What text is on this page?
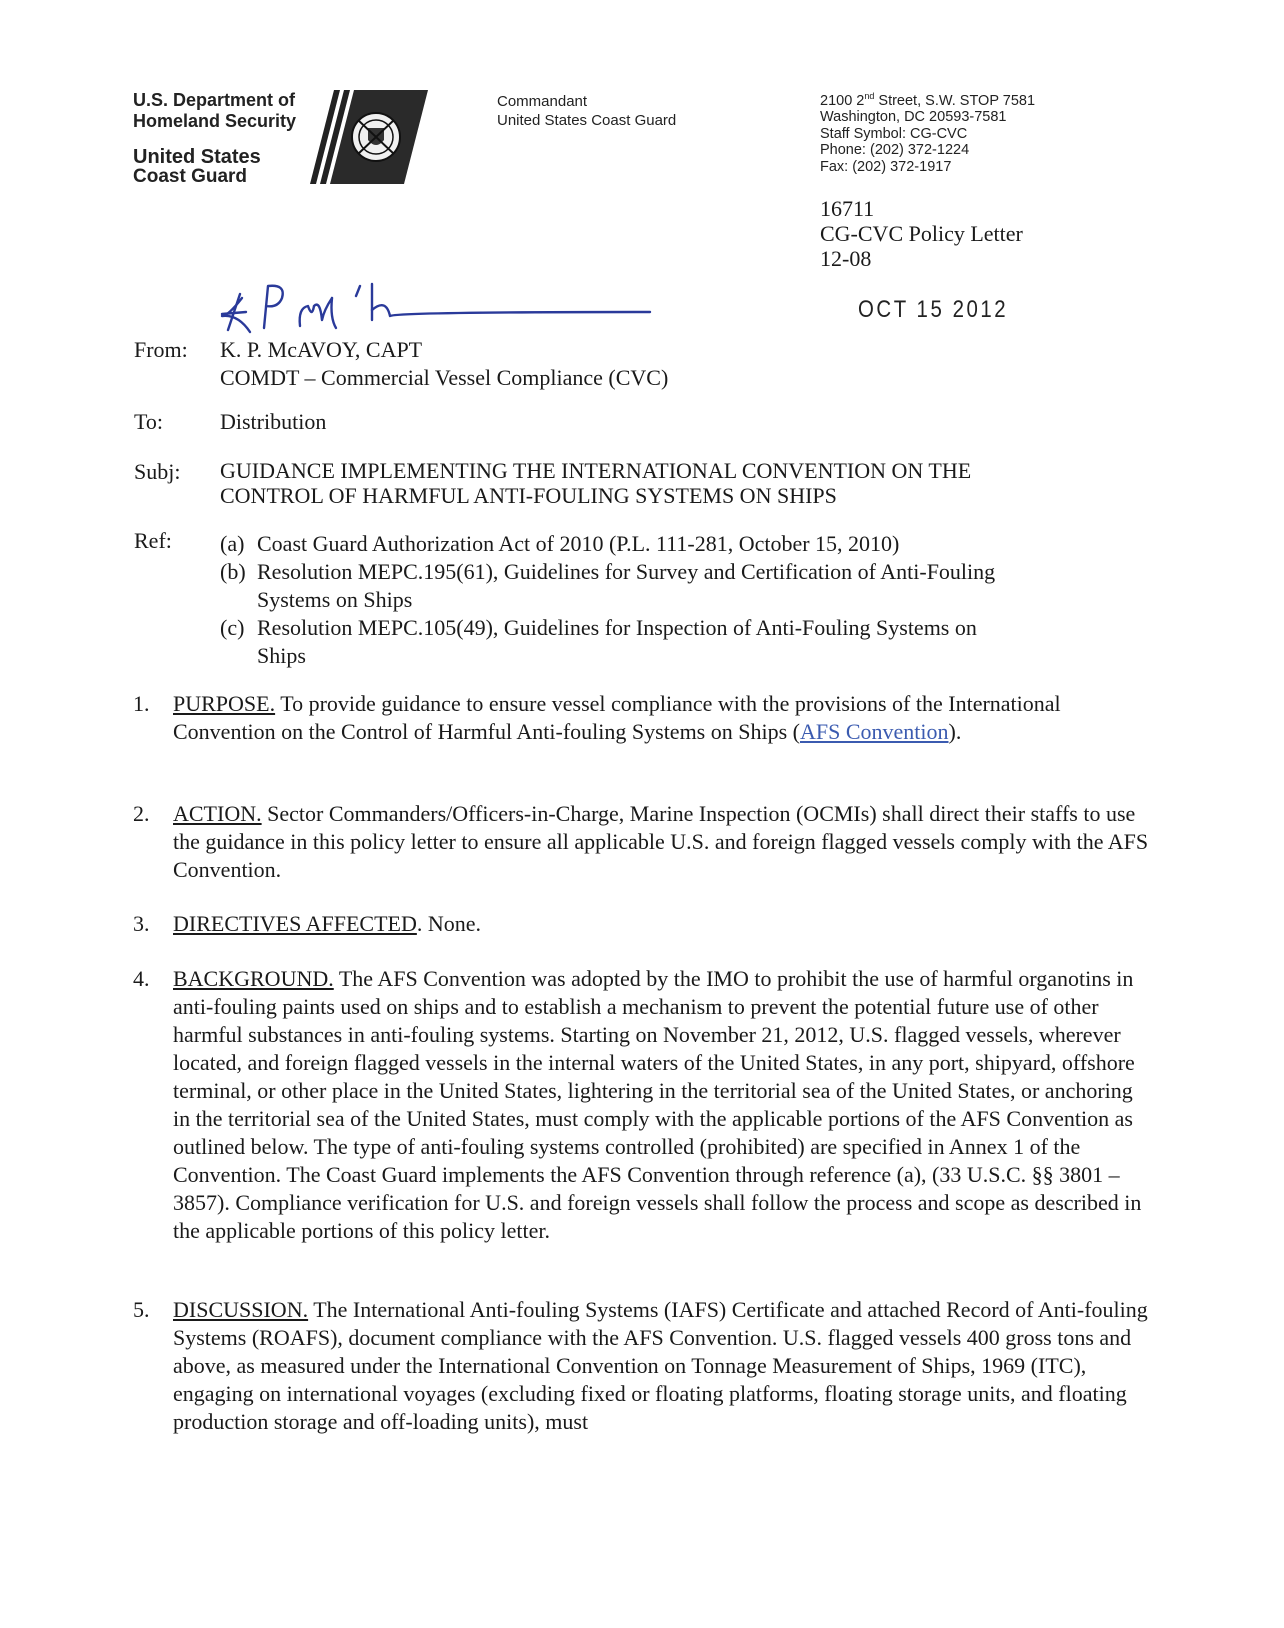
U.S. Department of
Homeland Security
United States
Coast Guard
Commandant
United States Coast Guard
2100 2nd Street, S.W. STOP 7581
Washington, DC 20593-7581
Staff Symbol: CG-CVC
Phone: (202) 372-1224
Fax: (202) 372-1917
16711
CG-CVC Policy Letter
12-08
OCT 15 2012
From: K. P. McAVOY, CAPT
COMDT – Commercial Vessel Compliance (CVC)
To:	Distribution
Subj: GUIDANCE IMPLEMENTING THE INTERNATIONAL CONVENTION ON THE
CONTROL OF HARMFUL ANTI-FOULING SYSTEMS ON SHIPS
Ref: (a) Coast Guard Authorization Act of 2010 (P.L. 111-281, October 15, 2010)
(b) Resolution MEPC.195(61), Guidelines for Survey and Certification of Anti-Fouling
Systems on Ships
(c) Resolution MEPC.105(49), Guidelines for Inspection of Anti-Fouling Systems on
Ships
1.	PURPOSE. To provide guidance to ensure vessel compliance with the provisions of the International Convention on the Control of Harmful Anti-fouling Systems on Ships (AFS Convention).
2.	ACTION. Sector Commanders/Officers-in-Charge, Marine Inspection (OCMIs) shall direct their staffs to use the guidance in this policy letter to ensure all applicable U.S. and foreign flagged vessels comply with the AFS Convention.
3.	DIRECTIVES AFFECTED. None.
4.	BACKGROUND. The AFS Convention was adopted by the IMO to prohibit the use of harmful organotins in anti-fouling paints used on ships and to establish a mechanism to prevent the potential future use of other harmful substances in anti-fouling systems. Starting on November 21, 2012, U.S. flagged vessels, wherever located, and foreign flagged vessels in the internal waters of the United States, in any port, shipyard, offshore terminal, or other place in the United States, lightering in the territorial sea of the United States, or anchoring in the territorial sea of the United States, must comply with the applicable portions of the AFS Convention as outlined below. The type of anti-fouling systems controlled (prohibited) are specified in Annex 1 of the Convention. The Coast Guard implements the AFS Convention through reference (a), (33 U.S.C. §§ 3801 – 3857). Compliance verification for U.S. and foreign vessels shall follow the process and scope as described in the applicable portions of this policy letter.
5.	DISCUSSION. The International Anti-fouling Systems (IAFS) Certificate and attached Record of Anti-fouling Systems (ROAFS), document compliance with the AFS Convention. U.S. flagged vessels 400 gross tons and above, as measured under the International Convention on Tonnage Measurement of Ships, 1969 (ITC), engaging on international voyages (excluding fixed or floating platforms, floating storage units, and floating production storage and off-loading units), must
